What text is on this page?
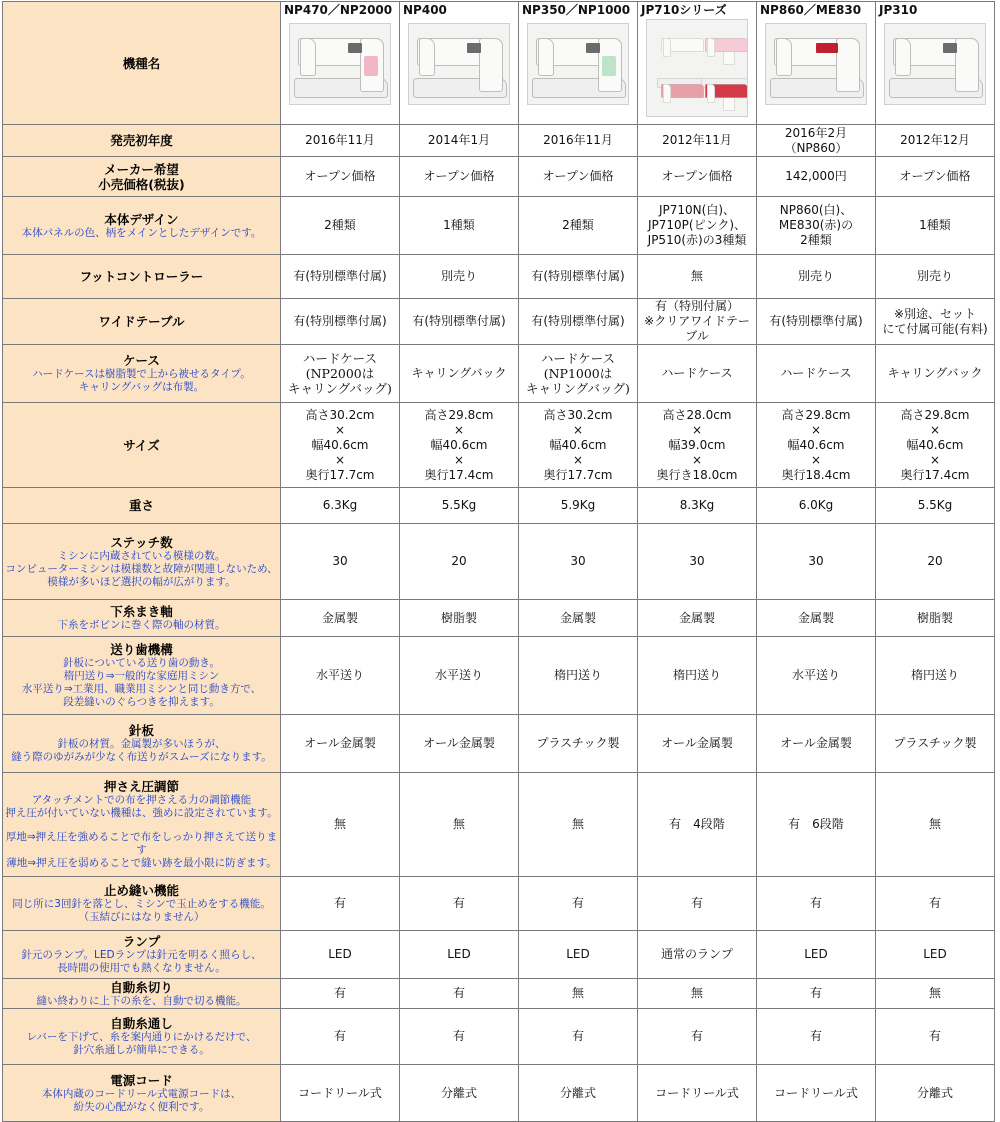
機種名	NP470／NP2000	NP400	NP350／NP1000	JP710シリーズ	NP860／ME830	JP310

発売初年度	2016年11月	2014年1月	2016年11月	2012年11月	2016年2月（NP860）	2012年12月

メーカー希望
小売価格(税抜)	オープン価格	オープン価格	オープン価格	オープン価格	142,000円	オープン価格

本体デザイン
本体パネルの色、柄をメインとしたデザインです。	2種類	1種類	2種類	JP710N(白)、
JP710P(ピンク)、
JP510(赤)の3種類	NP860(白)、
ME830(赤)の
2種類	1種類

フットコントローラー	有(特別標準付属)	別売り	有(特別標準付属)	無	別売り	別売り

ワイドテーブル	有(特別標準付属)	有(特別標準付属)	有(特別標準付属)	有（特別付属）
※クリアワイドテーブル	有(特別標準付属)	※別途、セット
にて付属可能(有料)

ケース
ハードケースは樹脂製で上から被せるタイプ。
キャリングバッグは布製。	ハードケース
(NP2000は
キャリングバッグ)	キャリングバック	ハードケース
(NP1000は
キャリングバッグ)	ハードケース	ハードケース	キャリングバック

サイズ	高さ30.2cm
×
幅40.6cm
×
奥行17.7cm	高さ29.8cm
×
幅40.6cm
×
奥行17.4cm	高さ30.2cm
×
幅40.6cm
×
奥行17.7cm	高さ28.0cm
×
幅39.0cm
×
奥行き18.0cm	高さ29.8cm
×
幅40.6cm
×
奥行18.4cm	高さ29.8cm
×
幅40.6cm
×
奥行17.4cm

重さ	6.3Kg	5.5Kg	5.9Kg	8.3Kg	6.0Kg	5.5Kg

ステッチ数
ミシンに内蔵されている模様の数。
コンピューターミシンは模様数と故障が関連しないため、
模様が多いほど選択の幅が広がります。	30	20	30	30	30	20

下糸まき軸
下糸をボビンに巻く際の軸の材質。	金属製	樹脂製	金属製	金属製	金属製	樹脂製

送り歯機構
針板についている送り歯の動き。
楕円送り⇒一般的な家庭用ミシン
水平送り⇒工業用、職業用ミシンと同じ動き方で、
段差縫いのぐらつきを抑えます。	水平送り	水平送り	楕円送り	楕円送り	水平送り	楕円送り

針板
針板の材質。金属製が多いほうが、
縫う際のゆがみが少なく布送りがスムーズになります。	オール金属製	オール金属製	プラスチック製	オール金属製	オール金属製	プラスチック製

押さえ圧調節
アタッチメントでの布を押さえる力の調節機能
押え圧が付いていない機種は、強めに設定されています。
厚地⇒押え圧を強めることで布をしっかり押さえて送ります
薄地⇒押え圧を弱めることで縫い跡を最小限に防ぎます。	無	無	無	有　4段階	有　6段階	無

止め縫い機能
同じ所に3回針を落とし、ミシンで玉止めをする機能。
（玉結びにはなりません）	有	有	有	有	有	有

ランプ
針元のランプ。LEDランプは針元を明るく照らし、
長時間の使用でも熱くなりません。	LED	LED	LED	通常のランプ	LED	LED

自動糸切り
縫い終わりに上下の糸を、自動で切る機能。	有	有	無	無	有	無

自動糸通し
レバーを下げて、糸を案内通りにかけるだけで、
針穴糸通しが簡単にできる。	有	有	有	有	有	有

電源コード
本体内蔵のコードリール式電源コードは、
紛失の心配がなく便利です。	コードリール式	分離式	分離式	コードリール式	コードリール式	分離式
